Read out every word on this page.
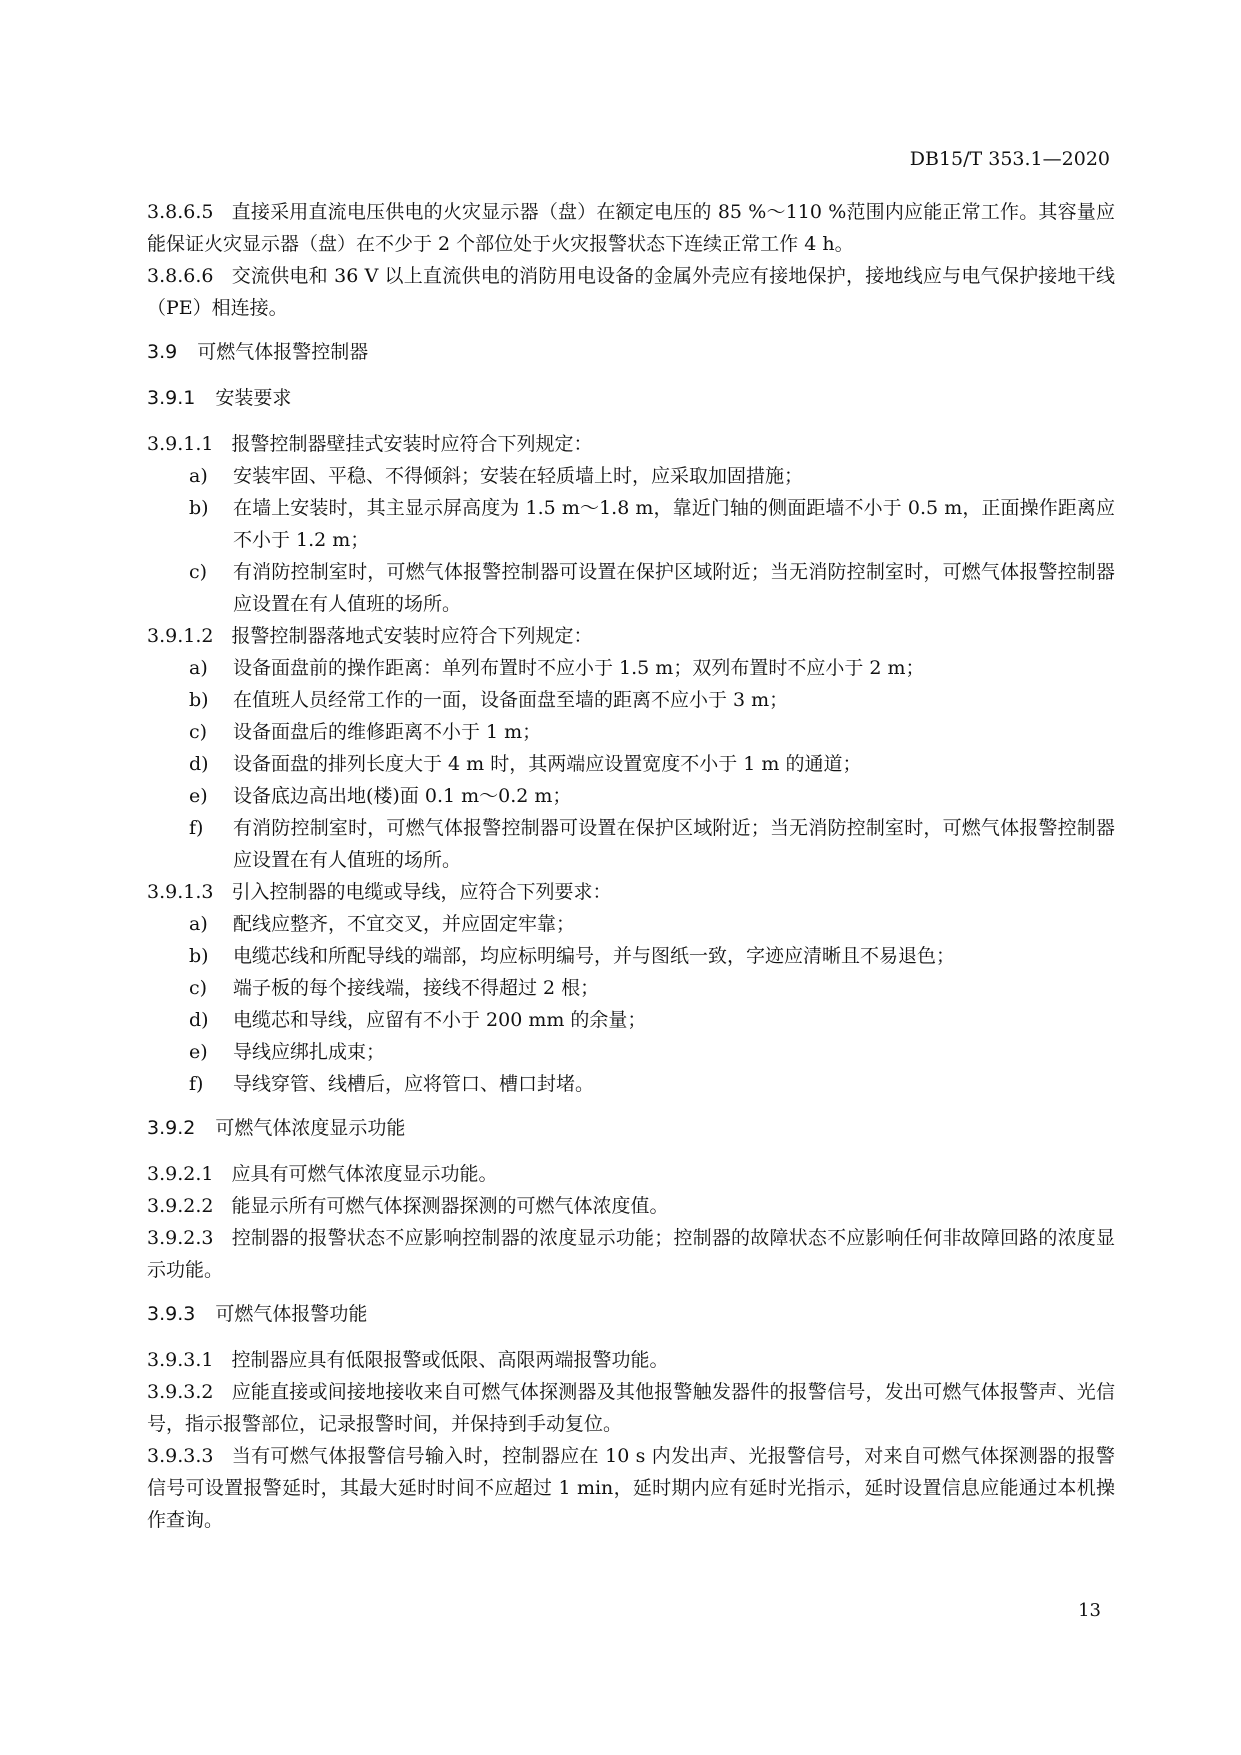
DB15/T 353.1—2020

3.8.6.5 直接采用直流电压供电的火灾显示器（盘）在额定电压的 85 %～110 %范围内应能正常工作。其容量应能保证火灾显示器（盘）在不少于 2 个部位处于火灾报警状态下连续正常工作 4 h。

3.8.6.6 交流供电和 36 V 以上直流供电的消防用电设备的金属外壳应有接地保护，接地线应与电气保护接地干线（PE）相连接。

3.9 可燃气体报警控制器
3.9.1 安装要求

3.9.1.1 报警控制器壁挂式安装时应符合下列规定：

a) 安装牢固、平稳、不得倾斜；安装在轻质墙上时，应采取加固措施；
b) 在墙上安装时，其主显示屏高度为 1.5 m～1.8 m，靠近门轴的侧面距墙不小于 0.5 m，正面操作距离应不小于 1.2 m；
c) 有消防控制室时，可燃气体报警控制器可设置在保护区域附近；当无消防控制室时，可燃气体报警控制器应设置在有人值班的场所。

3.9.1.2 报警控制器落地式安装时应符合下列规定：

a) 设备面盘前的操作距离：单列布置时不应小于 1.5 m；双列布置时不应小于 2 m；
b) 在值班人员经常工作的一面，设备面盘至墙的距离不应小于 3 m；
c) 设备面盘后的维修距离不小于 1 m；
d) 设备面盘的排列长度大于 4 m 时，其两端应设置宽度不小于 1 m 的通道；
e) 设备底边高出地(楼)面 0.1 m～0.2 m；
f) 有消防控制室时，可燃气体报警控制器可设置在保护区域附近；当无消防控制室时，可燃气体报警控制器应设置在有人值班的场所。

3.9.1.3 引入控制器的电缆或导线，应符合下列要求：

a) 配线应整齐，不宜交叉，并应固定牢靠；
b) 电缆芯线和所配导线的端部，均应标明编号，并与图纸一致，字迹应清晰且不易退色；
c) 端子板的每个接线端，接线不得超过 2 根；
d) 电缆芯和导线，应留有不小于 200 mm 的余量；
e) 导线应绑扎成束；
f) 导线穿管、线槽后，应将管口、槽口封堵。
3.9.2 可燃气体浓度显示功能

3.9.2.1 应具有可燃气体浓度显示功能。

3.9.2.2 能显示所有可燃气体探测器探测的可燃气体浓度值。

3.9.2.3 控制器的报警状态不应影响控制器的浓度显示功能；控制器的故障状态不应影响任何非故障回路的浓度显示功能。

3.9.3 可燃气体报警功能

3.9.3.1 控制器应具有低限报警或低限、高限两端报警功能。

3.9.3.2 应能直接或间接地接收来自可燃气体探测器及其他报警触发器件的报警信号，发出可燃气体报警声、光信号，指示报警部位，记录报警时间，并保持到手动复位。

3.9.3.3 当有可燃气体报警信号输入时，控制器应在 10 s 内发出声、光报警信号，对来自可燃气体探测器的报警信号可设置报警延时，其最大延时时间不应超过 1 min，延时期内应有延时光指示，延时设置信息应能通过本机操作查询。

13
